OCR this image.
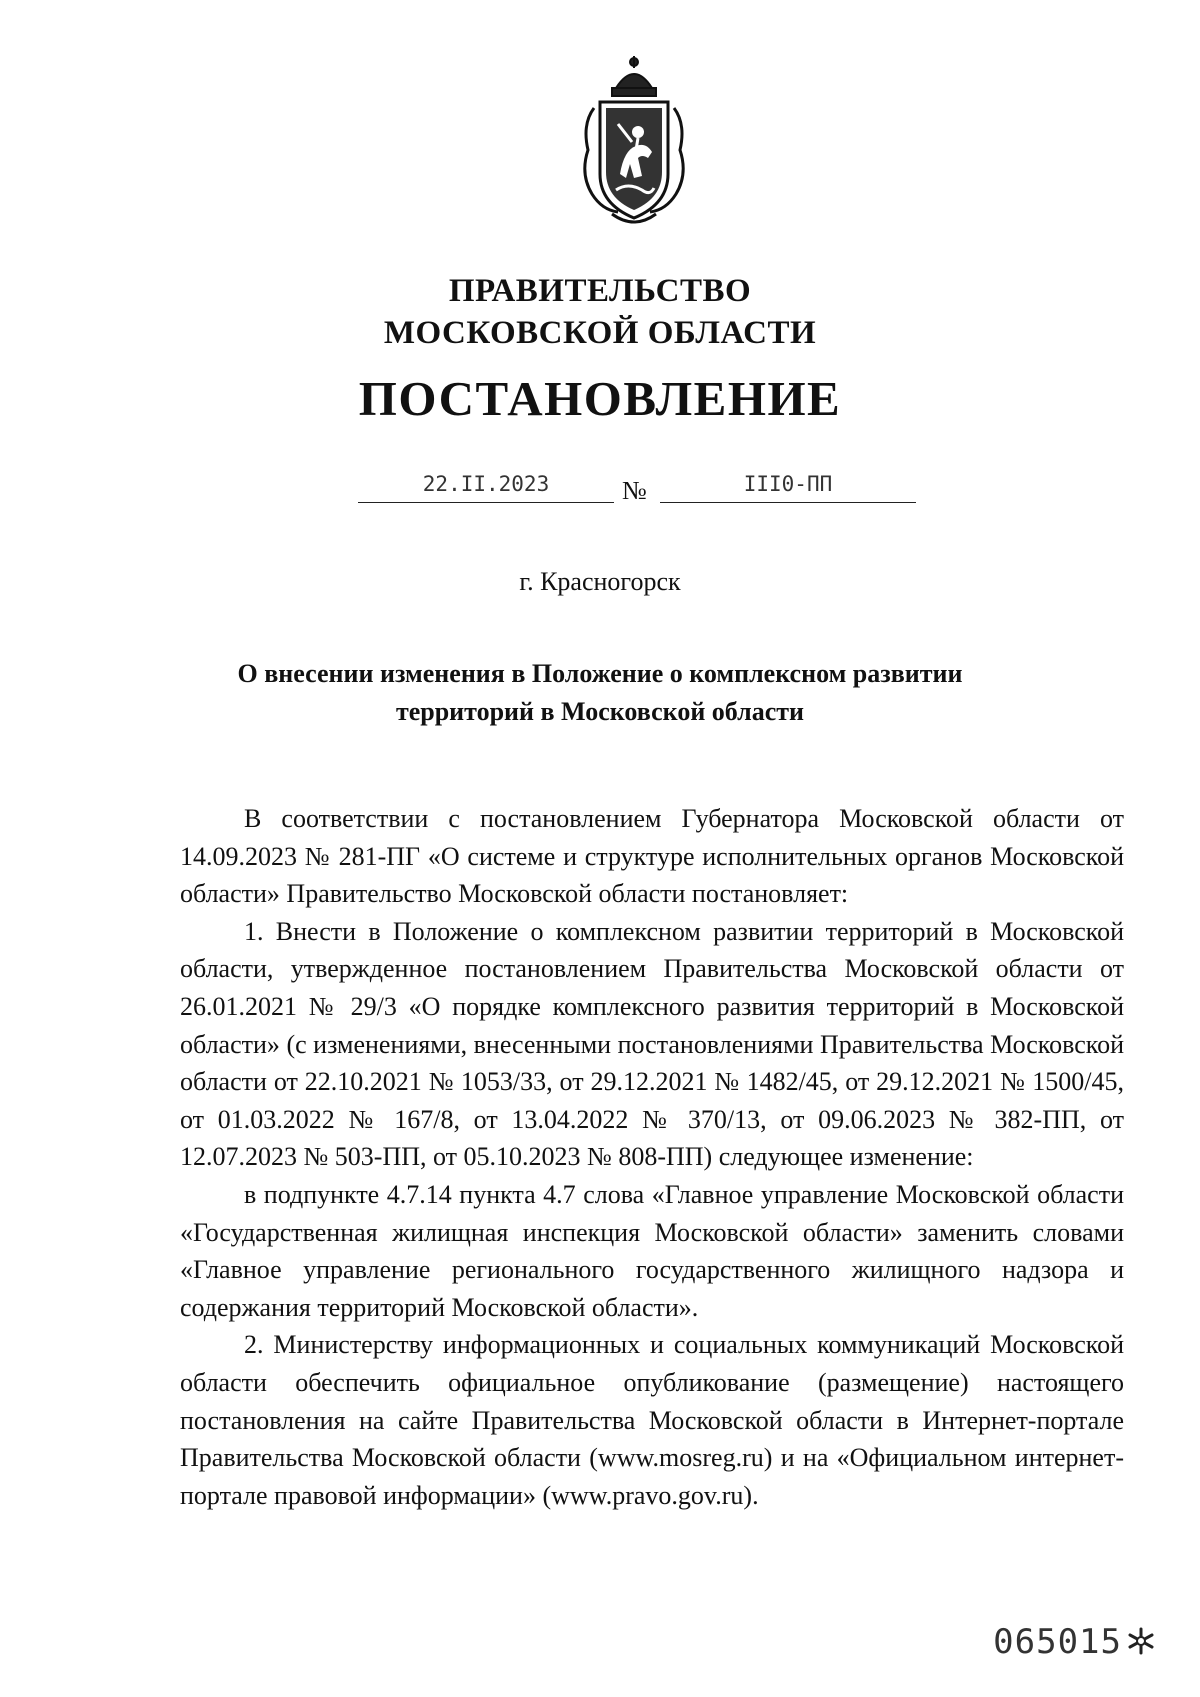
ПРАВИТЕЛЬСТВО
МОСКОВСКОЙ ОБЛАСТИ
ПОСТАНОВЛЕНИЕ
22.II.2023	№	III0-ПП
г. Красногорск
О внесении изменения в Положение о комплексном развитии
территорий в Московской области

В соответствии с постановлением Губернатора Московской области от 14.09.2023 № 281-ПГ «О системе и структуре исполнительных органов Московской области» Правительство Московской области постановляет:

1. Внести в Положение о комплексном развитии территорий в Московской области, утвержденное постановлением Правительства Московской области от 26.01.2021 № 29/3 «О порядке комплексного развития территорий в Московской области» (с изменениями, внесенными постановлениями Правительства Московской области от 22.10.2021 № 1053/33, от 29.12.2021 № 1482/45, от 29.12.2021 № 1500/45, от 01.03.2022 № 167/8, от 13.04.2022 № 370/13, от 09.06.2023 № 382-ПП, от 12.07.2023 № 503-ПП, от 05.10.2023 № 808-ПП) следующее изменение:

в подпункте 4.7.14 пункта 4.7 слова «Главное управление Московской области «Государственная жилищная инспекция Московской области» заменить словами «Главное управление регионального государственного жилищного надзора и содержания территорий Московской области».

2. Министерству информационных и социальных коммуникаций Московской области обеспечить официальное опубликование (размещение) настоящего постановления на сайте Правительства Московской области в Интернет-портале Правительства Московской области (www.mosreg.ru) и на «Официальном интернет-портале правовой информации» (www.pravo.gov.ru).

065015
